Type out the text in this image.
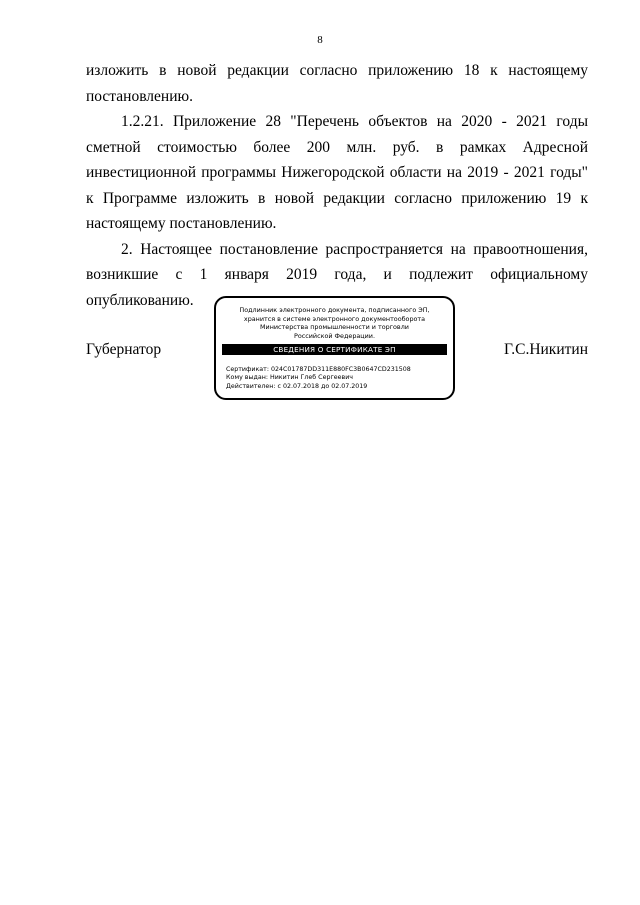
8

изложить в новой редакции согласно приложению 18 к настоящему постановлению.

1.2.21. Приложение 28 "Перечень объектов на 2020 - 2021 годы сметной стоимостью более 200 млн. руб. в рамках Адресной инвестиционной программы Нижегородской области на 2019 - 2021 годы" к Программе изложить в новой редакции согласно приложению 19 к настоящему постановлению.

2. Настоящее постановление распространяется на правоотношения, возникшие с 1 января 2019 года, и подлежит официальному опубликованию.

Губернатор
Подлинник электронного документа, подписанного ЭП,
хранится в системе электронного документооборота
Министерства промышленности и торговли
Российской Федерации.
СВЕДЕНИЯ О СЕРТИФИКАТЕ ЭП
Сертификат: 024C01787DD311E880FC3B0647CD231508
Кому выдан: Никитин Глеб Сергеевич
Действителен: с 02.07.2018 до 02.07.2019
Г.С.Никитин
